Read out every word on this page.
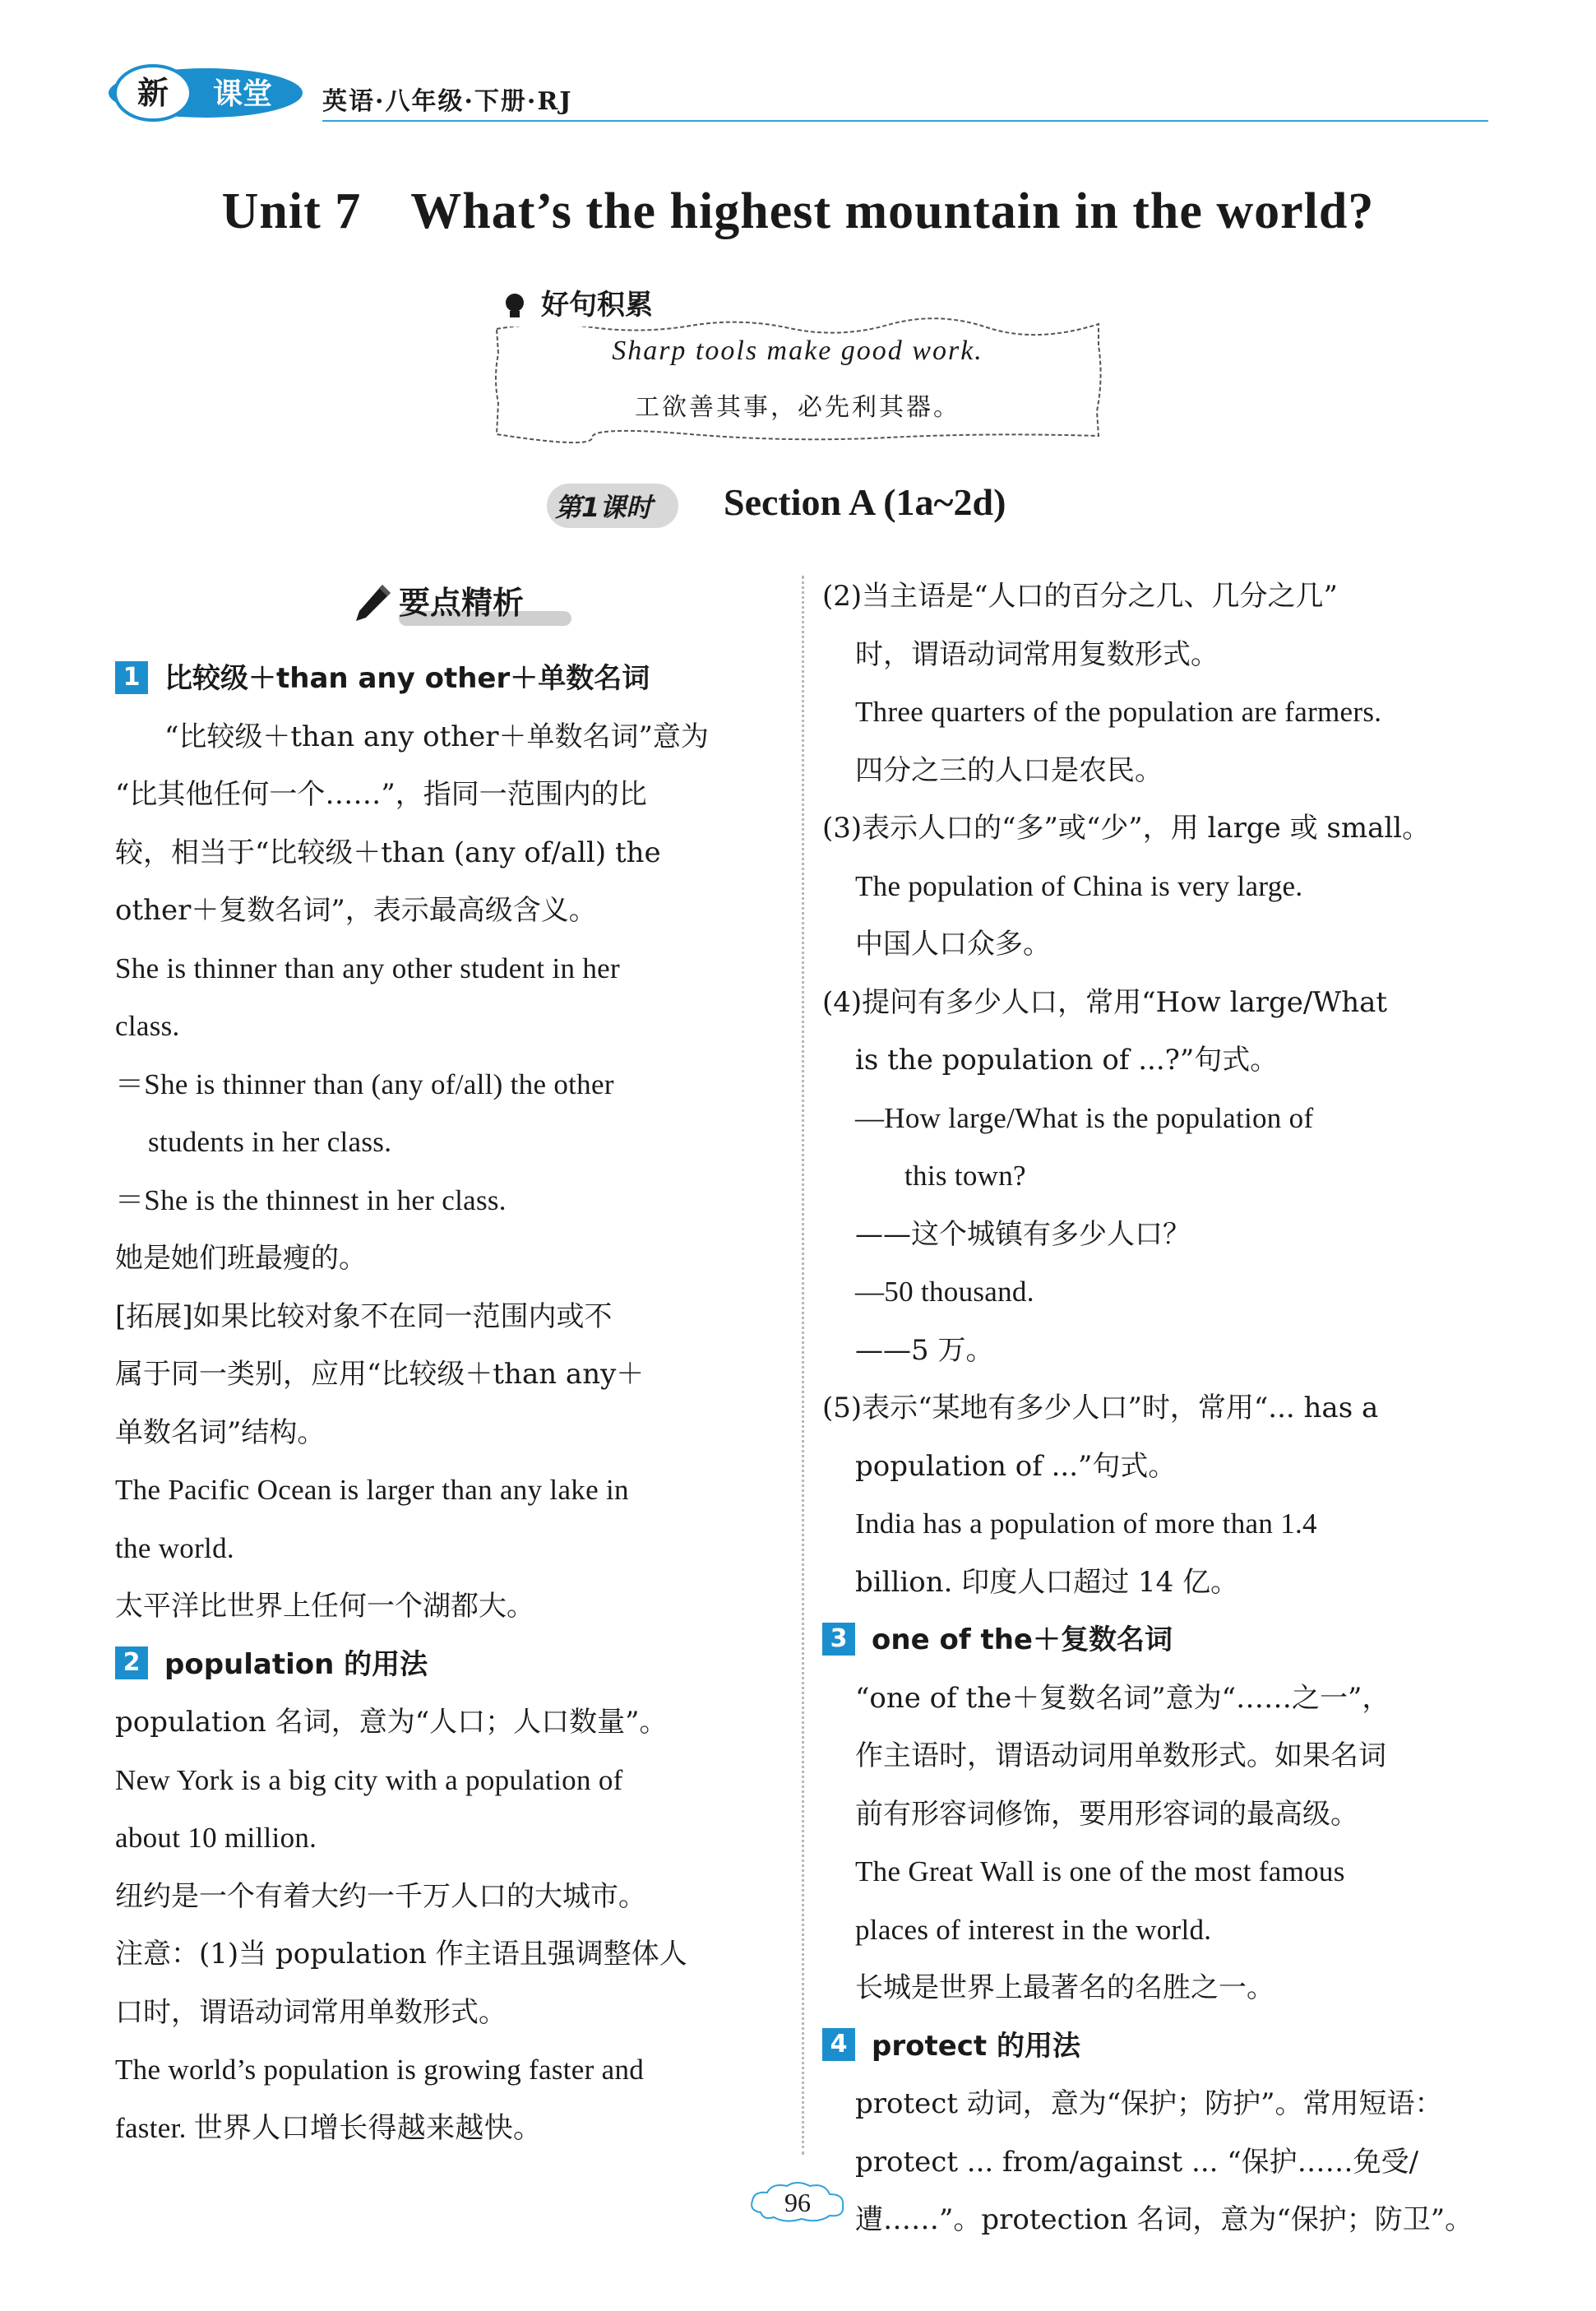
新 课堂 英语·八年级·下册·RJ
Unit 7 What’s the highest mountain in the world?
好句积累
Sharp tools make good work.
工欲善其事，必先利其器。
第1课时 Section A (1a~2d)
要点精析
1 比较级＋than any other＋单数名词
“比较级＋than any other＋单数名词”意为
“比其他任何一个……”，指同一范围内的比
较，相当于“比较级＋than (any of/all) the
other＋复数名词”，表示最高级含义。
She is thinner than any other student in her
class.
＝She is thinner than (any of/all) the other
students in her class.
＝She is the thinnest in her class.
她是她们班最瘦的。
[拓展]如果比较对象不在同一范围内或不
属于同一类别，应用“比较级＋than any＋
单数名词”结构。
The Pacific Ocean is larger than any lake in
the world.
太平洋比世界上任何一个湖都大。
2 population 的用法
population 名词，意为“人口；人口数量”。
New York is a big city with a population of
about 10 million.
纽约是一个有着大约一千万人口的大城市。
注意：(1)当 population 作主语且强调整体人
口时，谓语动词常用单数形式。
The world’s population is growing faster and
faster. 世界人口增长得越来越快。
(2)当主语是“人口的百分之几、几分之几”
时，谓语动词常用复数形式。
Three quarters of the population are farmers.
四分之三的人口是农民。
(3)表示人口的“多”或“少”，用 large 或 small。
The population of China is very large.
中国人口众多。
(4)提问有多少人口，常用“How large/What
is the population of ...?”句式。
—How large/What is the population of
this town?
——这个城镇有多少人口？
—50 thousand.
——5 万。
(5)表示“某地有多少人口”时，常用“... has a
population of ...”句式。
India has a population of more than 1.4
billion. 印度人口超过 14 亿。
3 one of the＋复数名词
“one of the＋复数名词”意为“……之一”，
作主语时，谓语动词用单数形式。如果名词
前有形容词修饰，要用形容词的最高级。
The Great Wall is one of the most famous
places of interest in the world.
长城是世界上最著名的名胜之一。
4 protect 的用法
protect 动词，意为“保护；防护”。常用短语：
protect ... from/against ... “保护……免受/
遭……”。protection 名词，意为“保护；防卫”。
96
